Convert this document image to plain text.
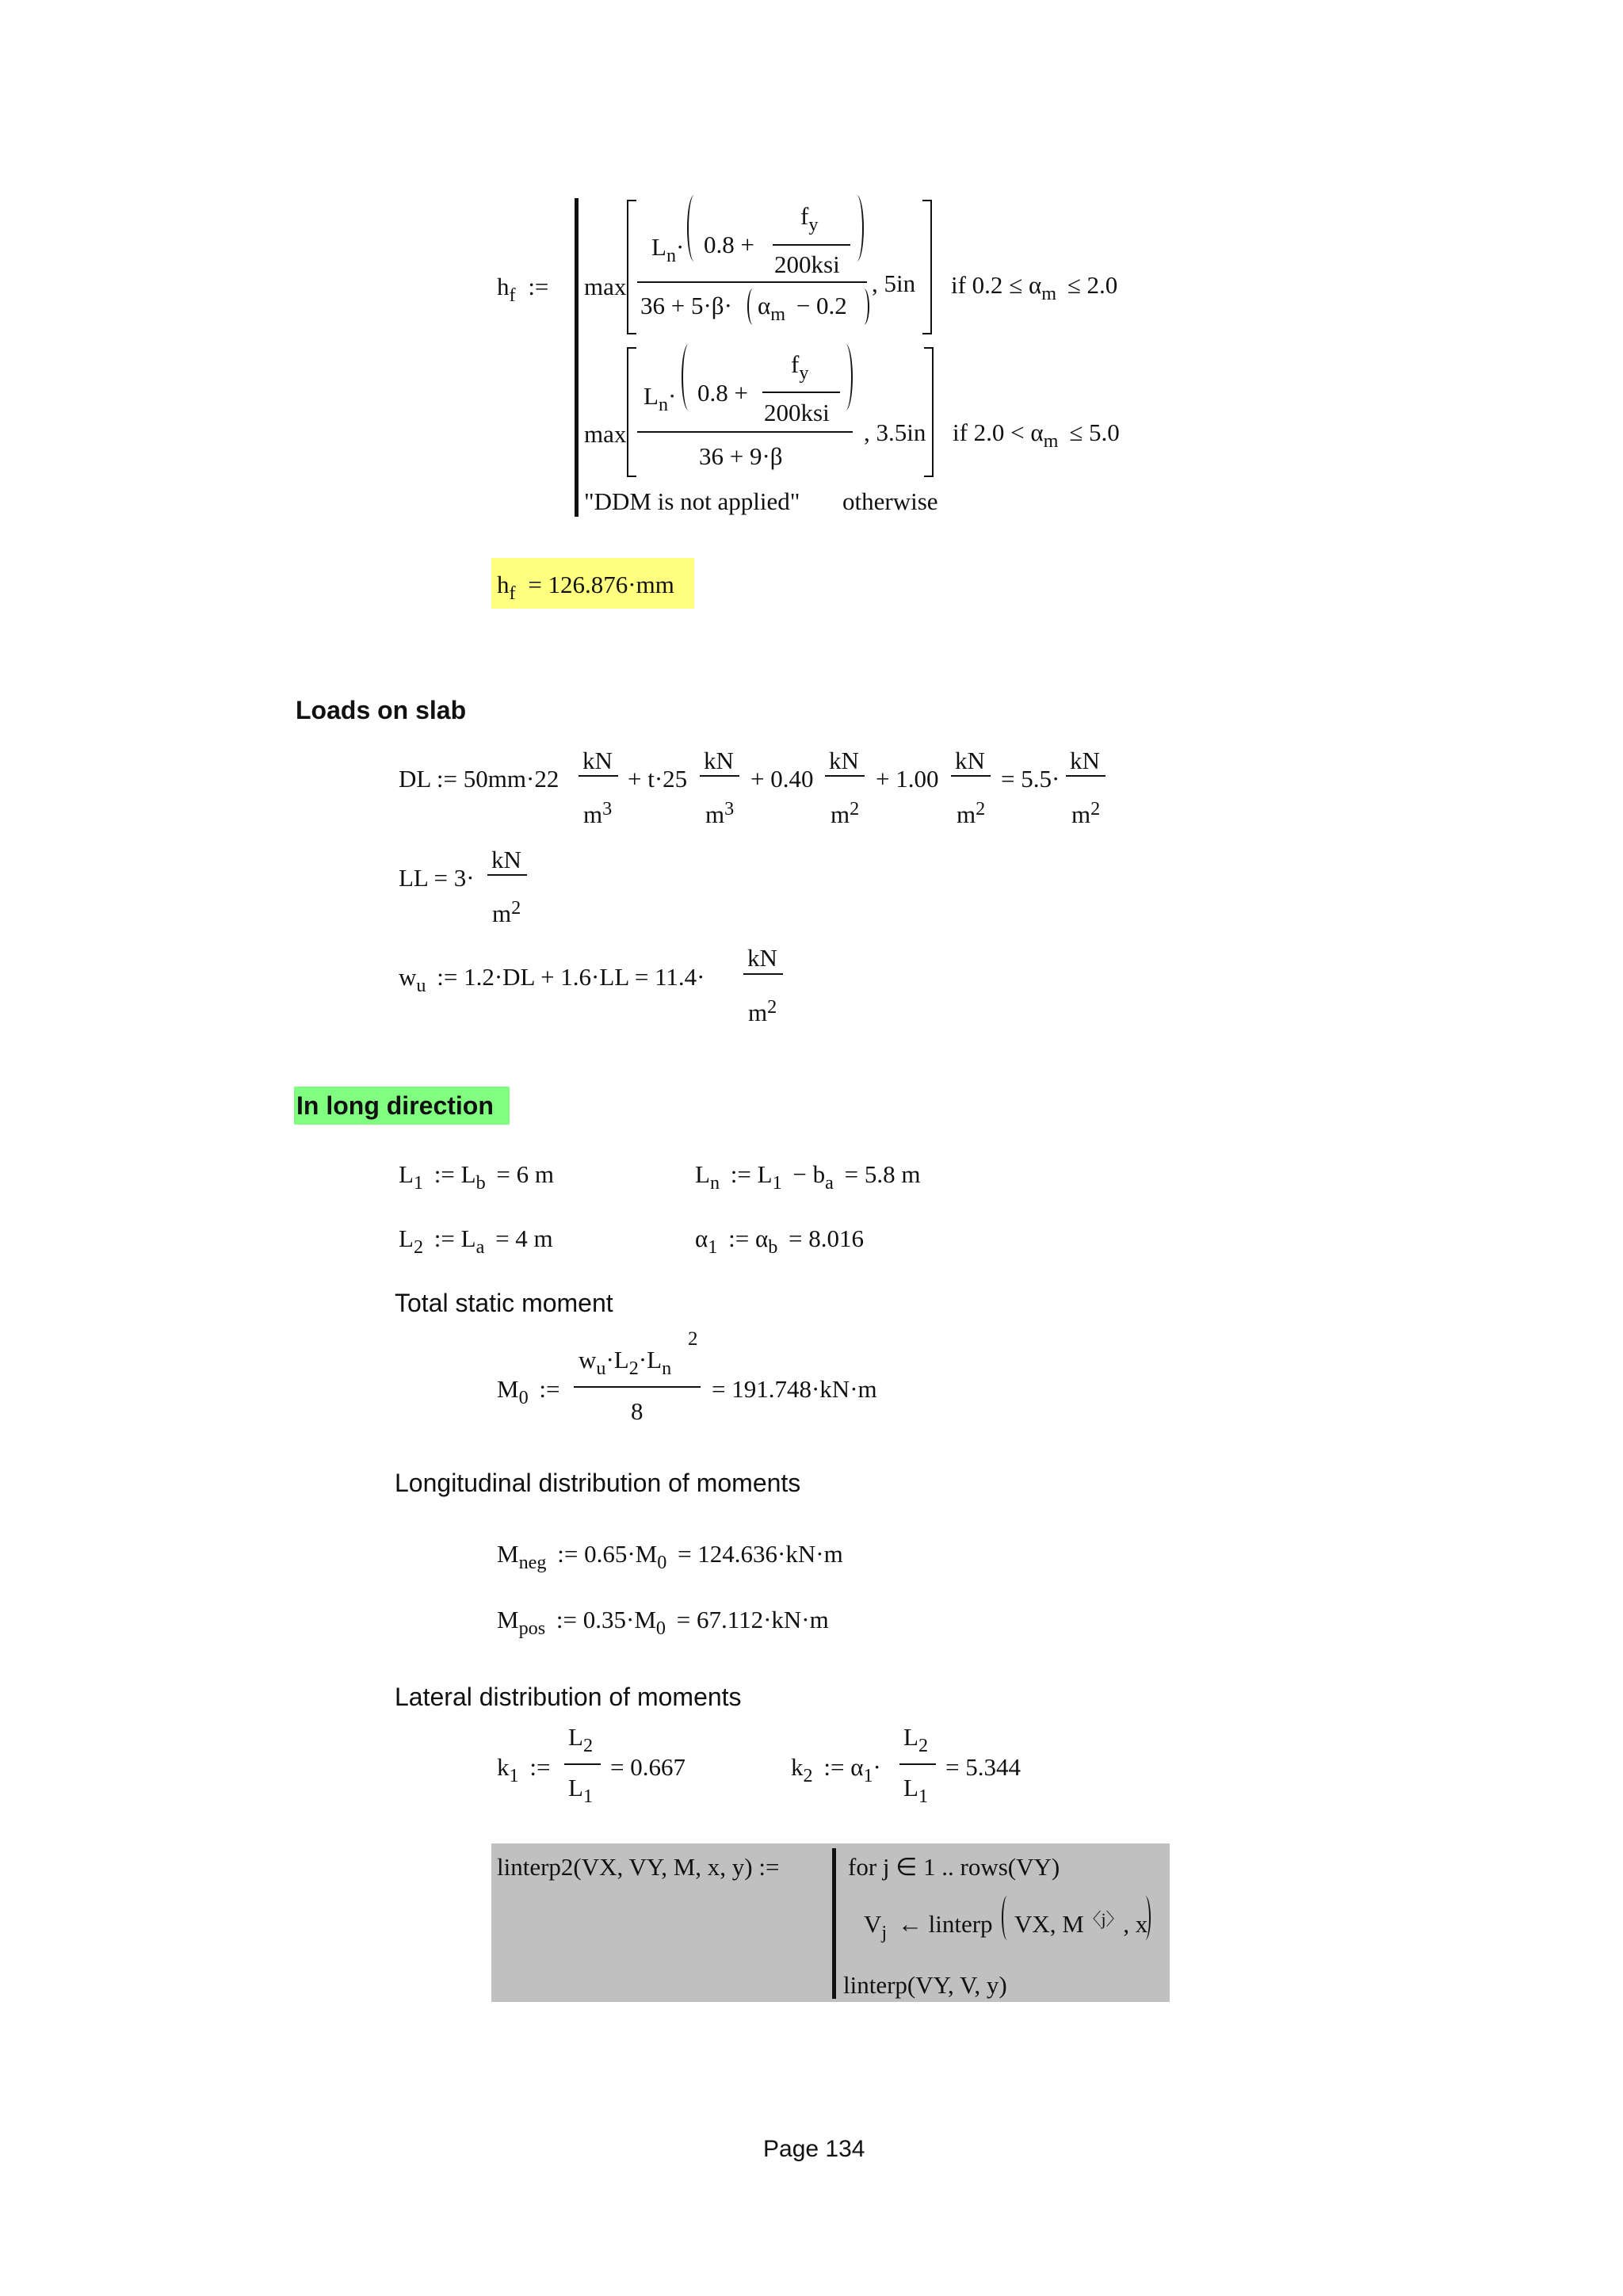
$h_f$ := max
$L_n\cdot 0.8$ +
$f_y$
200ksi
$36 + 5\cdot\beta\cdot \alpha_m - 0.2$
, 5in if $0.2 \le \alpha_m \le 2.0$
max
$L_n\cdot 0.8$ +
$f_y$
200ksi
36 + 9·β
, 3.5in if $2.0 < \alpha_m \le 5.0$
"DDM is not applied" otherwise
$h_f = 126.876\cdot mm$
Loads on slab
DL := 50mm·22
kN
$m^3$
+ t·25
kN
$m^3$
+ 0.40
kN
$m^2$
+ 1.00
kN
$m^2$
= 5.5·
kN
$m^2$
LL = 3·
kN
$m^2$
$w_u$ := 1.2·DL + 1.6·LL = 11.4·
kN
$m^2$
In long direction
$L_1$ := $L_b = 6$ m	$L_n$ := $L_1 - b_a = 5.8$ m
$L_2$ := $L_a = 4$ m	$\alpha_1$ := $\alpha_b = 8.016$
Total static moment
$M_0$ :=
$w_u\cdot L_2\cdot L_n$
2
8
= 191.748·kN·m
Longitudinal distribution of moments
$M_{neg}$ := $0.65\cdot M_0 = 124.636\cdot kN\cdot m$
$M_{pos}$ := $0.35\cdot M_0 = 67.112\cdot kN\cdot m$
Lateral distribution of moments
$k_1$ :=
$L_2$
$L_1$
= 0.667	$k_2$ := $\alpha_1\cdot$
$L_2$
$L_1$
= 5.344
linterp2(VX, VY, M, x, y) :=	for j ∈ 1 .. rows(VY)
$V_j$ ← linterp VX, $M^{〈j〉}$, x
linterp(VY, V, y)
Page 134
